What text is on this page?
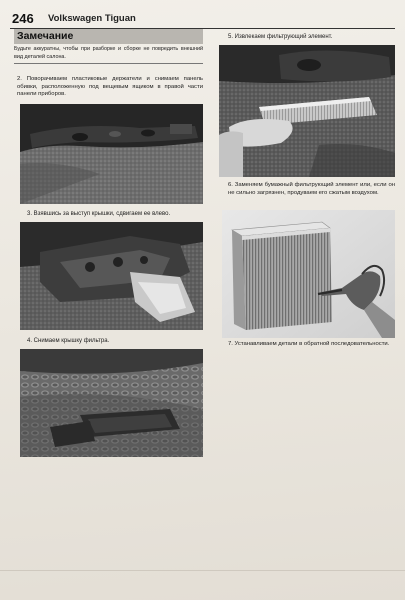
246 Volkswagen Tiguan
Замечание
Будьте аккуратны, чтобы при разборке и сборке не повредить внешний вид деталей салона.
2. Поворачиваем пластиковые держатели и снимаем панель обивки, расположенную под вещевым ящиком в правой части панели приборов.
3. Взявшись за выступ крышки, сдвигаем ее влево.
4. Снимаем крышку фильтра.
5. Извлекаем фильтрующий элемент.
6. Заменяем бумажный фильтрующий элемент или, если он не сильно загрязнен, продуваем его сжатым воздухом.
7. Устанавливаем детали в обратной последовательности.
